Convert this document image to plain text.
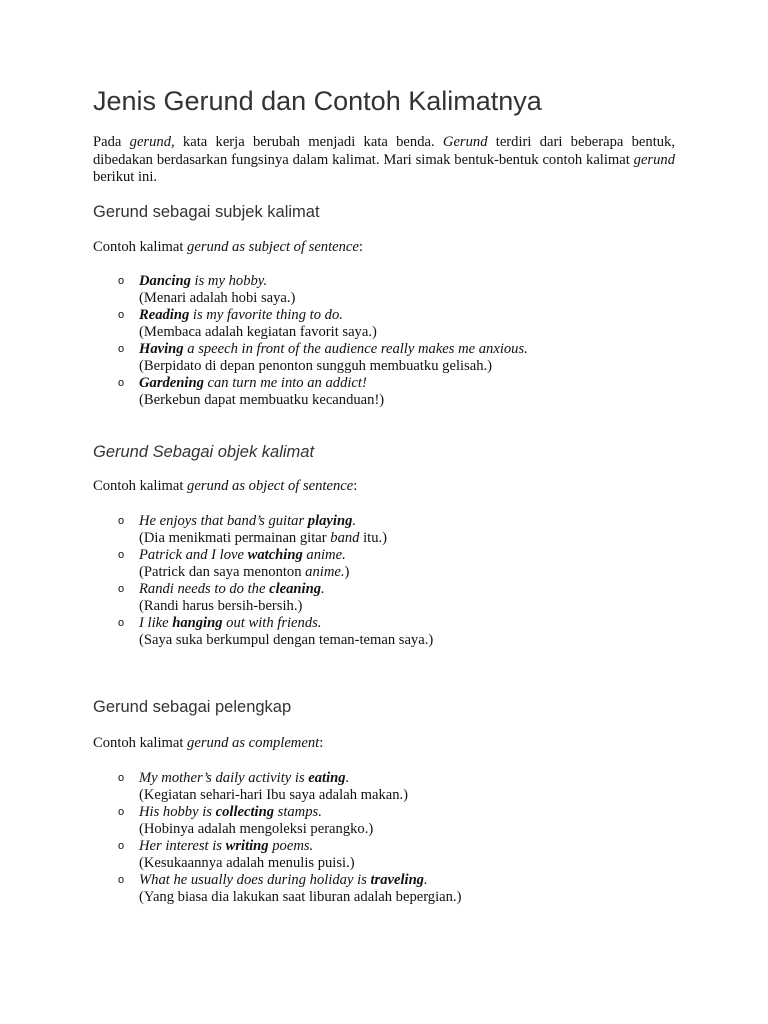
Jenis Gerund dan Contoh Kalimatnya

Pada gerund, kata kerja berubah menjadi kata benda. Gerund terdiri dari beberapa bentuk, dibedakan berdasarkan fungsinya dalam kalimat. Mari simak bentuk-bentuk contoh kalimat gerund berikut ini.

Gerund sebagai subjek kalimat

Contoh kalimat gerund as subject of sentence:

o Dancing is my hobby.
(Menari adalah hobi saya.)
o Reading is my favorite thing to do.
(Membaca adalah kegiatan favorit saya.)
o Having a speech in front of the audience really makes me anxious.
(Berpidato di depan penonton sungguh membuatku gelisah.)
o Gardening can turn me into an addict!
(Berkebun dapat membuatku kecanduan!)
Gerund Sebagai objek kalimat

Contoh kalimat gerund as object of sentence:

o He enjoys that band’s guitar playing.
(Dia menikmati permainan gitar band itu.)
o Patrick and I love watching anime.
(Patrick dan saya menonton anime.)
o Randi needs to do the cleaning.
(Randi harus bersih-bersih.)
o I like hanging out with friends.
(Saya suka berkumpul dengan teman-teman saya.)
Gerund sebagai pelengkap

Contoh kalimat gerund as complement:

o My mother’s daily activity is eating.
(Kegiatan sehari-hari Ibu saya adalah makan.)
o His hobby is collecting stamps.
(Hobinya adalah mengoleksi perangko.)
o Her interest is writing poems.
(Kesukaannya adalah menulis puisi.)
o What he usually does during holiday is traveling.
(Yang biasa dia lakukan saat liburan adalah bepergian.)
